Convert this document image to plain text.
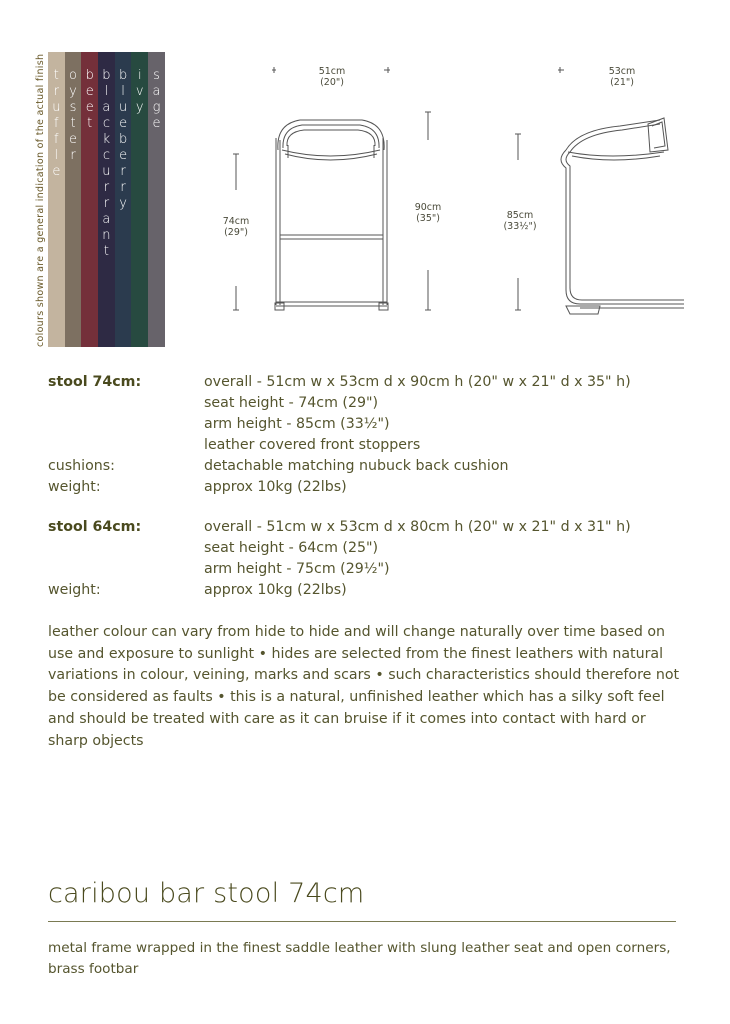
colours shown are a general indication of the actual finish t
r
u
f
f
l
e
o
y
s
t
e
r
b
e
e
t
b
l
a
c
k
c
u
r
r
a
n
t
b
l
u
e
b
e
r
r
y
i
v
y
s
a
g
e
51cm
(20")
74cm
(29")
90cm
(35")
53cm
(21")
85cm
(33½")
stool 74cm:	overall - 51cm w x 53cm d x 90cm h (20" w x 21" d x 35" h)
seat height - 74cm (29")
arm height - 85cm (33½")
leather covered front stoppers
cushions:	detachable matching nubuck back cushion
weight:	approx 10kg (22lbs)
stool 64cm:	overall - 51cm w x 53cm d x 80cm h (20" w x 21" d x 31" h)
seat height - 64cm (25")
arm height - 75cm (29½")
weight:	approx 10kg (22lbs)

leather colour can vary from hide to hide and will change naturally over time based on

use and exposure to sunlight • hides are selected from the finest leathers with natural

variations in colour, veining, marks and scars • such characteristics should therefore not

be considered as faults • this is a natural, unfinished leather which has a silky soft feel

and should be treated with care as it can bruise if it comes into contact with hard or

sharp objects

caribou bar stool 74cm

metal frame wrapped in the finest saddle leather with slung leather seat and open corners,

brass footbar
